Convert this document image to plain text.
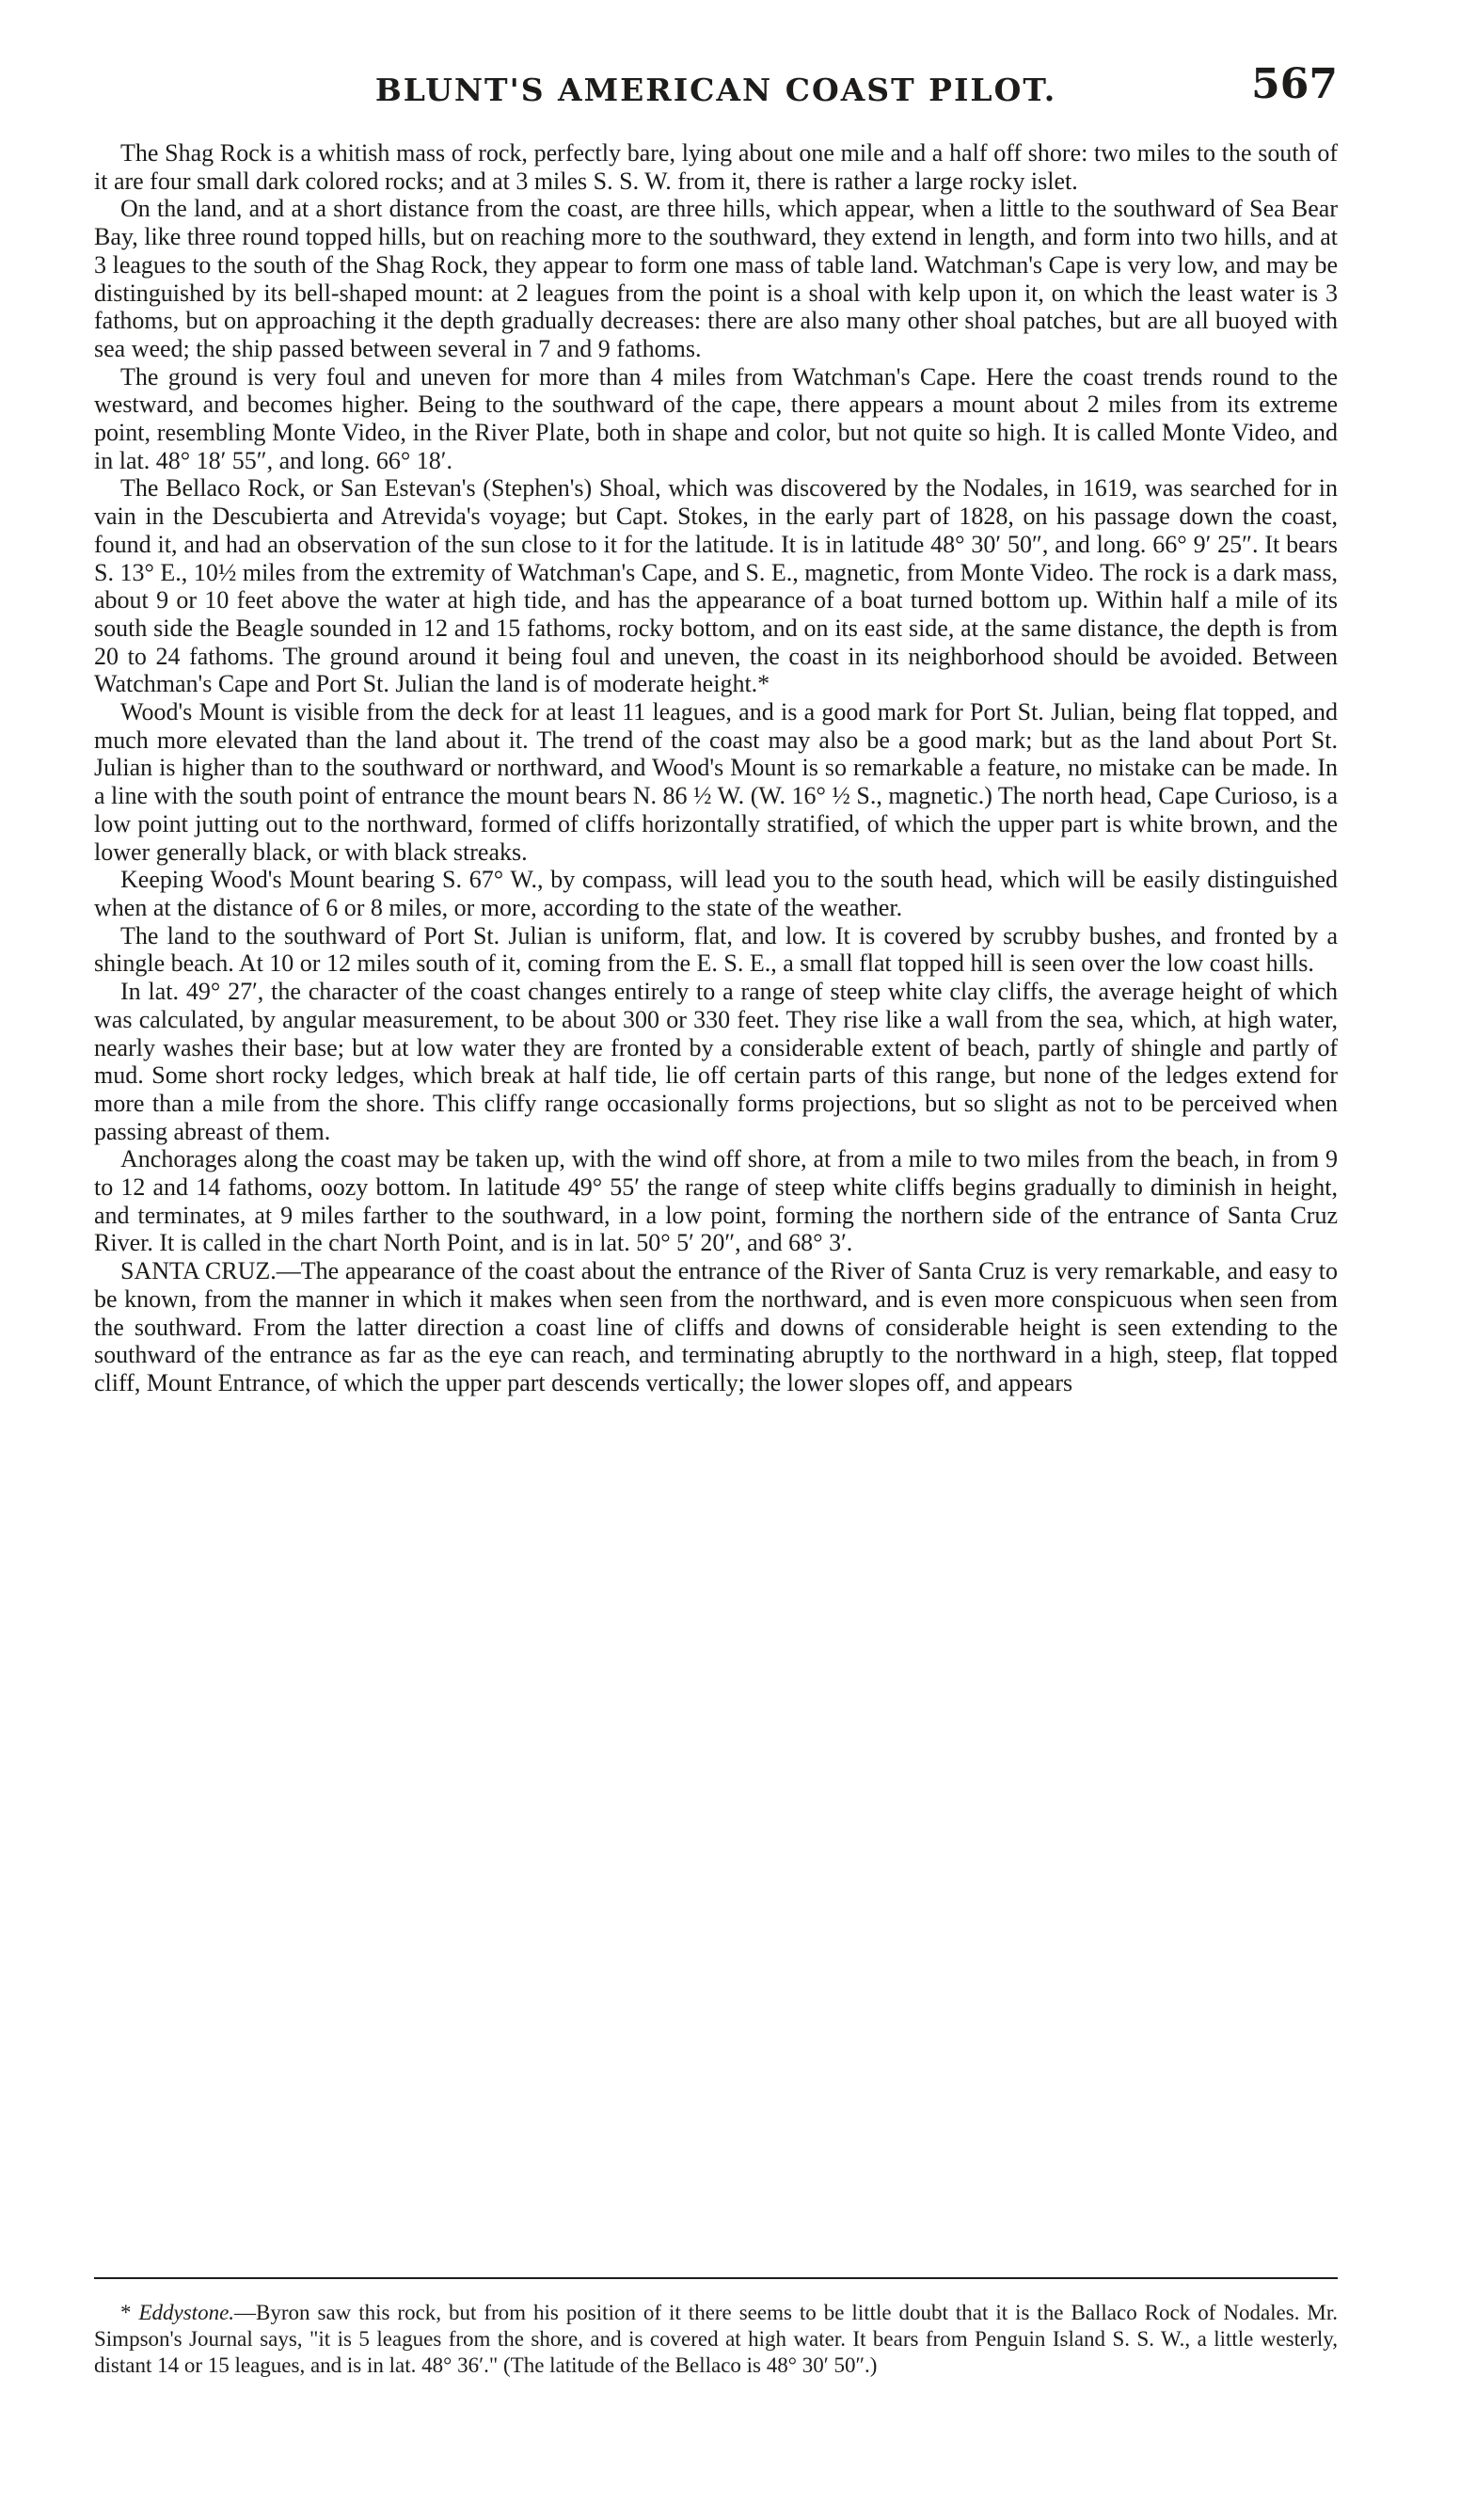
BLUNT'S AMERICAN COAST PILOT.	567

The Shag Rock is a whitish mass of rock, perfectly bare, lying about one mile and a half off shore: two miles to the south of it are four small dark colored rocks; and at 3 miles S. S. W. from it, there is rather a large rocky islet.

On the land, and at a short distance from the coast, are three hills, which appear, when a little to the southward of Sea Bear Bay, like three round topped hills, but on reaching more to the southward, they extend in length, and form into two hills, and at 3 leagues to the south of the Shag Rock, they appear to form one mass of table land. Watchman's Cape is very low, and may be distinguished by its bell-shaped mount: at 2 leagues from the point is a shoal with kelp upon it, on which the least water is 3 fathoms, but on approaching it the depth gradually decreases: there are also many other shoal patches, but are all buoyed with sea weed; the ship passed between several in 7 and 9 fathoms.

The ground is very foul and uneven for more than 4 miles from Watchman's Cape. Here the coast trends round to the westward, and becomes higher. Being to the southward of the cape, there appears a mount about 2 miles from its extreme point, resembling Monte Video, in the River Plate, both in shape and color, but not quite so high. It is called Monte Video, and in lat. 48° 18′ 55″, and long. 66° 18′.

The Bellaco Rock, or San Estevan's (Stephen's) Shoal, which was discovered by the Nodales, in 1619, was searched for in vain in the Descubierta and Atrevida's voyage; but Capt. Stokes, in the early part of 1828, on his passage down the coast, found it, and had an observation of the sun close to it for the latitude. It is in latitude 48° 30′ 50″, and long. 66° 9′ 25″. It bears S. 13° E., 10½ miles from the extremity of Watchman's Cape, and S. E., magnetic, from Monte Video. The rock is a dark mass, about 9 or 10 feet above the water at high tide, and has the appearance of a boat turned bottom up. Within half a mile of its south side the Beagle sounded in 12 and 15 fathoms, rocky bottom, and on its east side, at the same distance, the depth is from 20 to 24 fathoms. The ground around it being foul and uneven, the coast in its neighborhood should be avoided. Between Watchman's Cape and Port St. Julian the land is of moderate height.*

Wood's Mount is visible from the deck for at least 11 leagues, and is a good mark for Port St. Julian, being flat topped, and much more elevated than the land about it. The trend of the coast may also be a good mark; but as the land about Port St. Julian is higher than to the southward or northward, and Wood's Mount is so remarkable a feature, no mistake can be made. In a line with the south point of entrance the mount bears N. 86 ½ W. (W. 16° ½ S., magnetic.) The north head, Cape Curioso, is a low point jutting out to the northward, formed of cliffs horizontally stratified, of which the upper part is white brown, and the lower generally black, or with black streaks.

Keeping Wood's Mount bearing S. 67° W., by compass, will lead you to the south head, which will be easily distinguished when at the distance of 6 or 8 miles, or more, according to the state of the weather.

The land to the southward of Port St. Julian is uniform, flat, and low. It is covered by scrubby bushes, and fronted by a shingle beach. At 10 or 12 miles south of it, coming from the E. S. E., a small flat topped hill is seen over the low coast hills.

In lat. 49° 27′, the character of the coast changes entirely to a range of steep white clay cliffs, the average height of which was calculated, by angular measurement, to be about 300 or 330 feet. They rise like a wall from the sea, which, at high water, nearly washes their base; but at low water they are fronted by a considerable extent of beach, partly of shingle and partly of mud. Some short rocky ledges, which break at half tide, lie off certain parts of this range, but none of the ledges extend for more than a mile from the shore. This cliffy range occasionally forms projections, but so slight as not to be perceived when passing abreast of them.

Anchorages along the coast may be taken up, with the wind off shore, at from a mile to two miles from the beach, in from 9 to 12 and 14 fathoms, oozy bottom. In latitude 49° 55′ the range of steep white cliffs begins gradually to diminish in height, and terminates, at 9 miles farther to the southward, in a low point, forming the northern side of the entrance of Santa Cruz River. It is called in the chart North Point, and is in lat. 50° 5′ 20″, and 68° 3′.

SANTA CRUZ.—The appearance of the coast about the entrance of the River of Santa Cruz is very remarkable, and easy to be known, from the manner in which it makes when seen from the northward, and is even more conspicuous when seen from the southward. From the latter direction a coast line of cliffs and downs of considerable height is seen extending to the southward of the entrance as far as the eye can reach, and terminating abruptly to the northward in a high, steep, flat topped cliff, Mount Entrance, of which the upper part descends vertically; the lower slopes off, and appears

* Eddystone.—Byron saw this rock, but from his position of it there seems to be little doubt that it is the Ballaco Rock of Nodales. Mr. Simpson's Journal says, "it is 5 leagues from the shore, and is covered at high water. It bears from Penguin Island S. S. W., a little westerly, distant 14 or 15 leagues, and is in lat. 48° 36′." (The latitude of the Bellaco is 48° 30′ 50″.)
